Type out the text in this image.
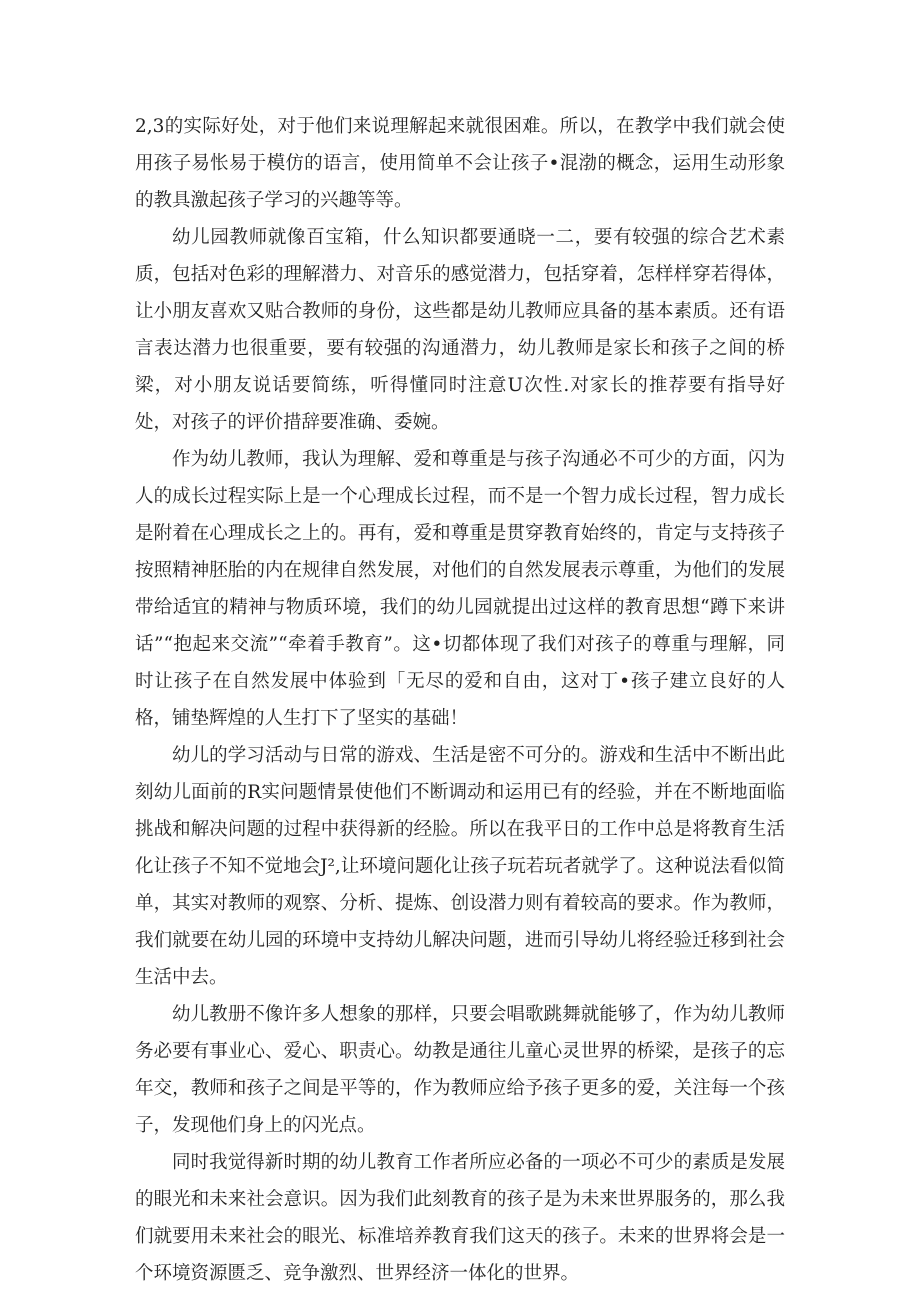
2,3的实际好处，对于他们来说理解起来就很困难。所以，在教学中我们就会使用孩子易怅易于模仿的语言，使用简单不会让孩子•混渤的概念，运用生动形象的教具激起孩子学习的兴趣等等。

幼儿园教师就像百宝箱，什么知识都要通晓一二，要有较强的综合艺术素质，包括对色彩的理解潜力、对音乐的感觉潜力，包括穿着，怎样样穿若得体，让小朋友喜欢又贴合教师的身份，这些都是幼儿教师应具备的基本素质。还有语言表达潜力也很重要，要有较强的沟通潜力，幼儿教师是家长和孩子之间的桥梁，对小朋友说话要简练，听得懂同时注意U次性.对家长的推荐要有指导好处，对孩子的评价措辞要准确、委婉。

作为幼儿教师，我认为理解、爱和尊重是与孩子沟通必不可少的方面，闪为人的成长过程实际上是一个心理成长过程，而不是一个智力成长过程，智力成长是附着在心理成长之上的。再有，爱和尊重是贯穿教育始终的，肯定与支持孩子按照精神胚胎的内在规律自然发展，对他们的自然发展表示尊重，为他们的发展带给适宜的精神与物质环境，我们的幼儿园就提出过这样的教育思想“蹲下来讲话”“抱起来交流”“牵着手教育”。这•切都体现了我们对孩子的尊重与理解，同时让孩子在自然发展中体验到「无尽的爱和自由，这对丁•孩子建立良好的人格，铺垫辉煌的人生打下了坚实的基础！

幼儿的学习活动与日常的游戏、生活是密不可分的。游戏和生活中不断出此刻幼儿面前的R实问题情景使他们不断调动和运用已有的经验，并在不断地面临挑战和解决问题的过程中获得新的经脸。所以在我平日的工作中总是将教育生活化让孩子不知不觉地会J²,让环境问题化让孩子玩若玩者就学了。这种说法看似简单，其实对教师的观察、分析、提炼、创设潜力则有着较高的要求。作为教师，我们就要在幼儿园的环境中支持幼儿解决问题，进而引导幼儿将经验迁移到社会生活中去。

幼儿教册不像许多人想象的那样，只要会唱歌跳舞就能够了，作为幼儿教师务必要有事业心、爱心、职责心。幼教是通往儿童心灵世界的桥梁，是孩子的忘年交，教师和孩子之间是平等的，作为教师应给予孩子更多的爱，关注每一个孩子，发现他们身上的闪光点。

同时我觉得新时期的幼儿教育工作者所应必备的一项必不可少的素质是发展的眼光和未来社会意识。因为我们此刻教育的孩子是为未来世界服务的，那么我们就要用未来社会的眼光、标准培养教育我们这天的孩子。未来的世界将会是一个环境资源匮乏、竞争激烈、世界经济一体化的世界。
